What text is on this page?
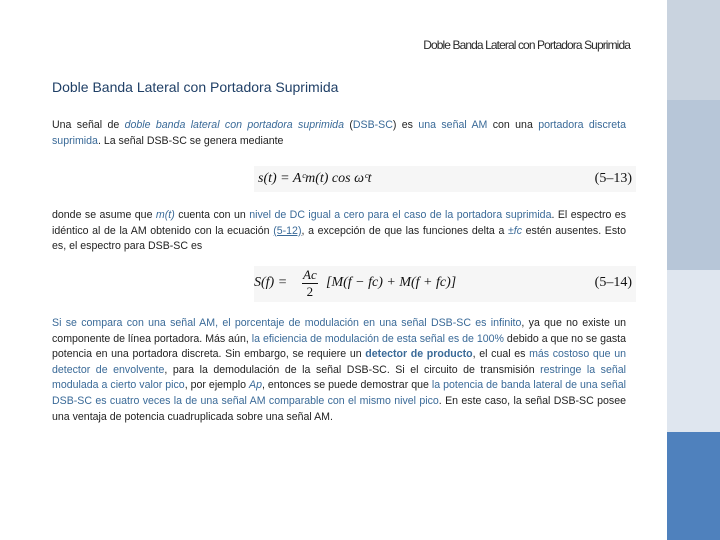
Doble Banda Lateral con Portadora Suprimida
Doble Banda Lateral con Portadora Suprimida
Una señal de doble banda lateral con portadora suprimida (DSB-SC) es una señal AM con una portadora discreta suprimida. La señal DSB-SC se genera mediante
s(t) = Aᶜm(t) cos ωᶜt	(5–13)
donde se asume que m(t) cuenta con un nivel de DC igual a cero para el caso de la portadora suprimida. El espectro es idéntico al de la AM obtenido con la ecuación (5-12), a excepción de que las funciones delta a ±fc estén ausentes. Esto es, el espectro para DSB-SC es
$S(f) = \frac{Ac}{2} [M(f - fc) + M(f + fc)]$	(5–14)
Si se compara con una señal AM, el porcentaje de modulación en una señal DSB-SC es infinito, ya que no existe un componente de línea portadora. Más aún, la eficiencia de modulación de esta señal es de 100% debido a que no se gasta potencia en una portadora discreta. Sin embargo, se requiere un detector de producto, el cual es más costoso que un detector de envolvente, para la demodulación de la señal DSB-SC. Si el circuito de transmisión restringe la señal modulada a cierto valor pico, por ejemplo Ap, entonces se puede demostrar que la potencia de banda lateral de una señal DSB-SC es cuatro veces la de una señal AM comparable con el mismo nivel pico. En este caso, la señal DSB-SC posee una ventaja de potencia cuadruplicada sobre una señal AM.
